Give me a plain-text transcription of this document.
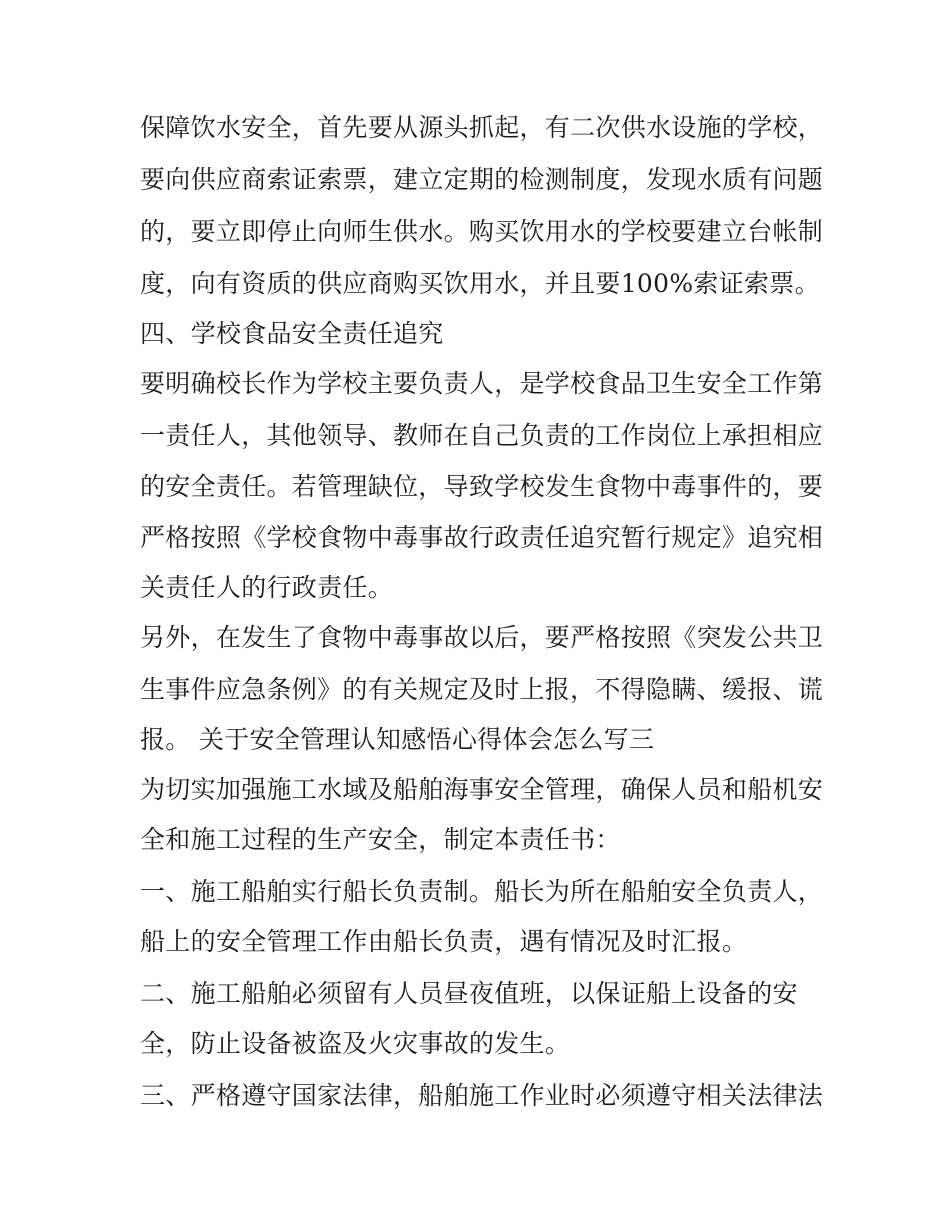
保障饮水安全，首先要从源头抓起，有二次供水设施的学校，
要向供应商索证索票，建立定期的检测制度，发现水质有问题
的，要立即停止向师生供水。购买饮用水的学校要建立台帐制
度，向有资质的供应商购买饮用水，并且要100%索证索票。
四、学校食品安全责任追究
要明确校长作为学校主要负责人，是学校食品卫生安全工作第
一责任人，其他领导、教师在自己负责的工作岗位上承担相应
的安全责任。若管理缺位，导致学校发生食物中毒事件的，要
严格按照《学校食物中毒事故行政责任追究暂行规定》追究相
关责任人的行政责任。
另外，在发生了食物中毒事故以后，要严格按照《突发公共卫
生事件应急条例》的有关规定及时上报，不得隐瞒、缓报、谎
报。 关于安全管理认知感悟心得体会怎么写三
为切实加强施工水域及船舶海事安全管理，确保人员和船机安
全和施工过程的生产安全，制定本责任书：
一、施工船舶实行船长负责制。船长为所在船舶安全负责人，
船上的安全管理工作由船长负责，遇有情况及时汇报。
二、施工船舶必须留有人员昼夜值班，以保证船上设备的安
全，防止设备被盗及火灾事故的发生。
三、严格遵守国家法律，船舶施工作业时必须遵守相关法律法
